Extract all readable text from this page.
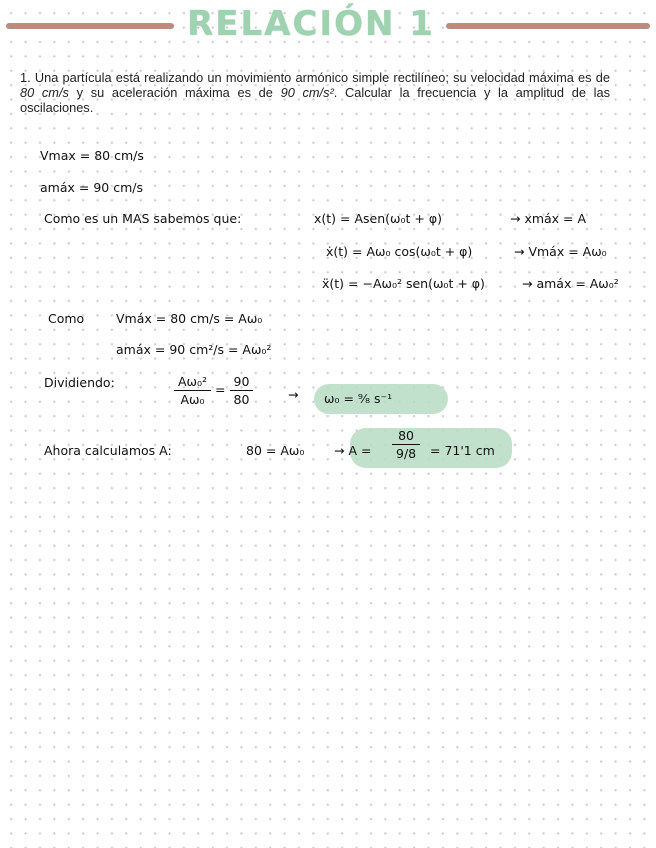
RELACIÓN 1
1. Una partícula está realizando un movimiento armónico simple rectilíneo; su velocidad máxima es de 80 cm/s y su aceleración máxima es de 90 cm/s². Calcular la frecuencia y la amplitud de las oscilaciones.
Vmax = 80 cm/s
amáx = 90 cm/s
Como es un MAS sabemos que:	x(t) = Asen(ω₀t + φ)	→ xmáx = A
ẋ(t) = Aω₀ cos(ω₀t + φ)	→ Vmáx = Aω₀
ẍ(t) = −Aω₀² sen(ω₀t + φ)	→ amáx = Aω₀²
Como	Vmáx = 80 cm/s = Aω₀
amáx = 90 cm²/s = Aω₀²
Dividiendo:	$\frac{\text{Aω₀²}}{\text{Aω₀}} = \frac{90}{80}$	→ ω₀ = ⁹⁄₈ s⁻¹
Ahora calculamos A:	$80 = A\omega_0 \to A = \frac{80}{9/8} = 71'1$ cm
